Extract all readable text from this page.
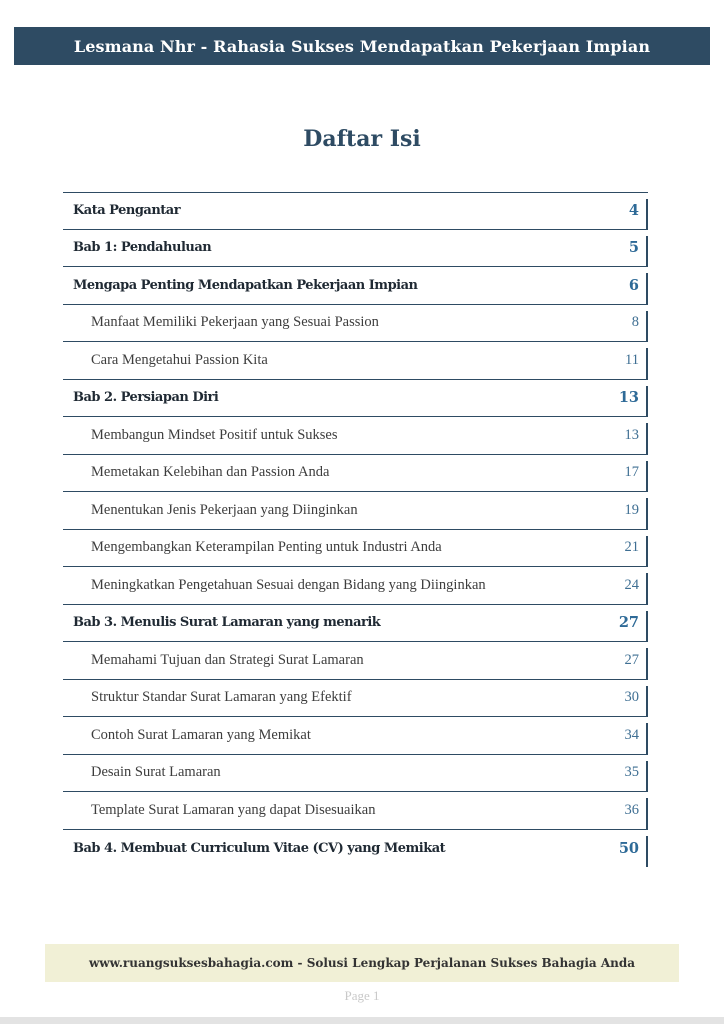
Lesmana Nhr - Rahasia Sukses Mendapatkan Pekerjaan Impian
Daftar Isi
Kata Pengantar	4
Bab 1: Pendahuluan	5
Mengapa Penting Mendapatkan Pekerjaan Impian	6
Manfaat Memiliki Pekerjaan yang Sesuai Passion	8
Cara Mengetahui Passion Kita	11
Bab 2. Persiapan Diri	13
Membangun Mindset Positif untuk Sukses	13
Memetakan Kelebihan dan Passion Anda	17
Menentukan Jenis Pekerjaan yang Diinginkan	19
Mengembangkan Keterampilan Penting untuk Industri Anda	21
Meningkatkan Pengetahuan Sesuai dengan Bidang yang Diinginkan	24
Bab 3. Menulis Surat Lamaran yang menarik	27
Memahami Tujuan dan Strategi Surat Lamaran	27
Struktur Standar Surat Lamaran yang Efektif	30
Contoh Surat Lamaran yang Memikat	34
Desain Surat Lamaran	35
Template Surat Lamaran yang dapat Disesuaikan	36
Bab 4. Membuat Curriculum Vitae (CV) yang Memikat	50
www.ruangsuksesbahagia.com - Solusi Lengkap Perjalanan Sukses Bahagia Anda
Page 1
